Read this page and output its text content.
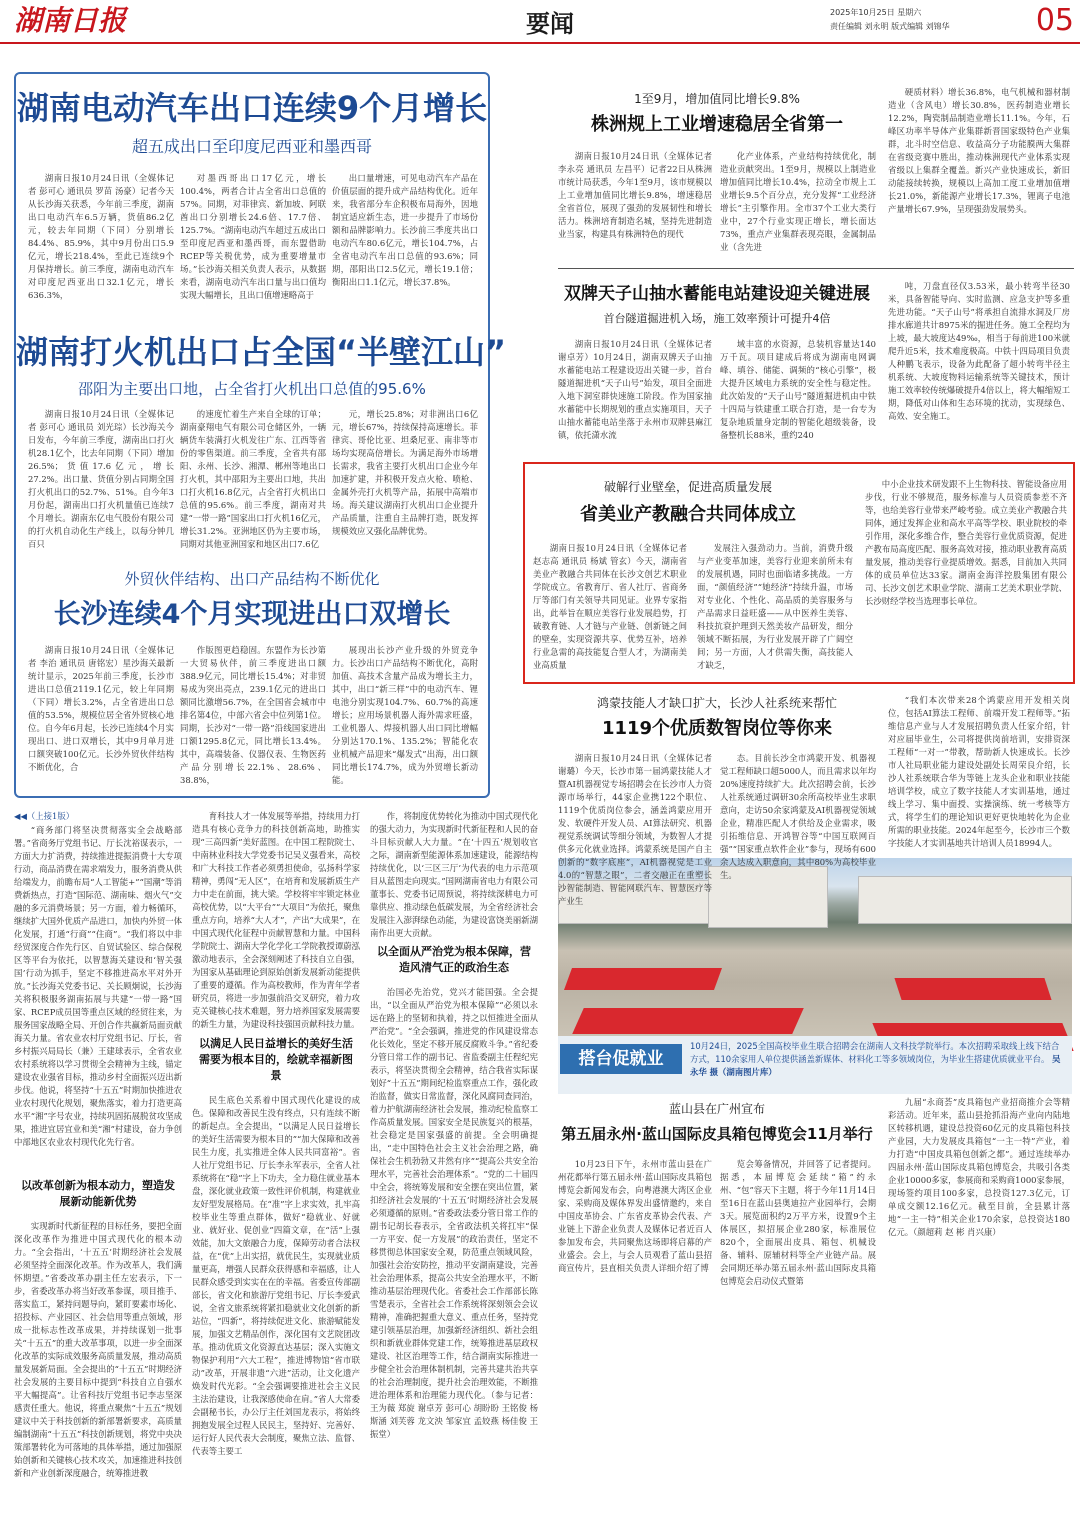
湖南日报	要闻	2025年10月25日 星期六
责任编辑 刘永明 版式编辑 刘锦华	05
湖南电动汽车出口连续9个月增长
超五成出口至印度尼西亚和墨西哥
湖南日报10月24日讯（全媒体记者 彭可心 通讯员 罗苗 汤豪）记者今天从长沙海关获悉，今年前三季度，湖南出口电动汽车6.5万辆，货值86.2亿元，较去年同期（下同）分别增长84.4%、85.9%，其中9月份出口5.9亿元，增长218.4%，至此已连续9个月保持增长。前三季度，湖南电动汽车对印度尼西亚出口32.1亿元，增长636.3%，
对墨西哥出口17亿元，增长100.4%，两者合计占全省出口总值的57%。同期，对菲律宾、新加坡、阿联酋出口分别增长24.6倍、17.7倍、125.7%。“湖南电动汽车超过五成出口至印度尼西亚和墨西哥，而东盟借助RCEP等关税优势，成为重要增量市场。”长沙海关相关负责人表示，从数据来看，湖南电动汽车出口量与出口值均实现大幅增长，且出口值增速略高于
出口量增速，可见电动汽车产品在价值层面的提升成产品结构优化。近年来，我省部分车企积极布局海外，因地制宜适应新生态，进一步提升了市场份额和品牌影响力。长沙前三季度共出口电动汽车80.6亿元，增长104.7%，占全省电动汽车出口总值的93.6%；同期，邵阳出口2.5亿元，增长19.1倍；衡阳出口1.1亿元，增长37.8%。
湖南打火机出口占全国“半壁江山”
邵阳为主要出口地，占全省打火机出口总值的95.6%
湖南日报10月24日讯（全媒体记者 彭可心 通讯员 刘光琮）长沙海关今日发布，今年前三季度，湖南出口打火机28.1亿个，比去年同期（下同）增加26.5%；货值17.6亿元，增长27.2%。出口量、货值分别占同期全国打火机出口的52.7%、51%。自今年3月份起，湖南出口打火机量值已连续7个月增长。湖南东亿电气股份有限公司的打火机自动化生产线上，以每分钟几百只
的速度忙着生产来自全球的订单；湖南豪翔电气有限公司仓储区外，一辆辆货车装满打火机发往广东、江西等省份的零售渠道。前三季度，全省共有邵阳、永州、长沙、湘潭、郴州等地出口打火机，其中邵阳为主要出口地，共出口打火机16.8亿元，占全省打火机出口总值的95.6%。前三季度，湖南对共建“一带一路”国家出口打火机16亿元，增长31.2%。亚洲地区仍为主要市场，同期对其他亚洲国家和地区出口7.6亿
元，增长25.8%；对非洲出口6亿元，增长67%，持续保持高速增长。菲律宾、哥伦比亚、坦桑尼亚、南非等市场均实现高倍增长。为满足海外市场增长需求，我省主要打火机出口企业今年加速扩建，并积极开发点火枪、喷枪、金属外壳打火机等产品，拓展中高端市场。海关建议湖南打火机出口企业提升产品质量，注重自主品牌打造，既发挥规模效应又强化品牌优势。
外贸伙伴结构、出口产品结构不断优化
长沙连续4个月实现进出口双增长
湖南日报10月24日讯（全媒体记者 李治 通讯员 唐铭宏）星沙海关最新统计显示，2025年前三季度，长沙市进出口总值2119.1亿元，较上年同期（下同）增长3.2%，占全省进出口总值的53.5%，规模位居全省外贸核心地位。自今年6月起，长沙已连续4个月实现出口、进口双增长，其中9月单月进口额突破100亿元。长沙外贸伙伴结构不断优化，合
作版图更趋稳固。东盟作为长沙第一大贸易伙伴，前三季度进出口额388.9亿元，同比增长15.4%；对非贸易成为突出亮点，239.1亿元的进出口额同比激增56.7%，在全国省会城市中排名第4位，中部六省会中位列第1位。同期，长沙对“一带一路”沿线国家进出口额1295.8亿元，同比增长13.4%。其中，高端装备、仪器仪表、生物医药产品分别增长22.1%、28.6%、38.8%，
展现出长沙产业升级的外贸竞争力。长沙出口产品结构不断优化，高附加值、高技术含量产品成为增长主力，其中，出口“新三样”中的电动汽车、锂电池分别实现104.7%、60.7%的高速增长；应用场景机器人海外需求旺盛，工业机器人、焊接机器人出口同比增幅分别达170.1%、135.2%；智能化农业机械产品迎来“爆发式”出海，出口额同比增长174.7%，成为外贸增长新动能。
◀◀（上接1版）
“商务部门将坚决贯彻落实全会战略部署。”省商务厅党组书记、厅长沈裕谋表示，一方面大力扩消费，持续推进提振消费十大专项行动，商品消费在需求端发力，服务消费从供给端发力，前瞻布局“人工智能+”“国潮”等消费新热点，打造“国际范、湖南味、烟火气”交融的多元消费场景；另一方面，着力畅循环，继续扩大国外优质产品进口，加快内外贸一体化发展，打通“行商”“住商”。“我们将以中非经贸深度合作先行区、自贸试验区、综合保税区等平台为依托，以智慧海关建设和‘智关强国’行动为抓手，坚定不移推进高水平对外开放。”长沙海关党委书记、关长顾炯说，长沙海关将积极服务湖南拓展与共建“一带一路”国家、RCEP成员国等重点区域的经贸往来，为服务国家战略全局、开创合作共赢新局面贡献海关力量。省农业农村厅党组书记、厅长，省乡村振兴局局长（兼）王建球表示，全省农业农村系统将以学习贯彻全会精神为主线，锚定建设农业强省目标，推动乡村全面振兴迈出新步伐。他说，将坚持“十五五”时期加快推进农业农村现代化规划，聚焦落实，着力打造更高水平“湘”字号农业，持续巩固拓展脱贫攻坚成果，推进宜居宜业和美“湘”村建设，奋力争创中部地区农业农村现代化先行省。
以改革创新为根本动力，塑造发展新动能新优势
实现新时代新征程的目标任务，要把全面深化改革作为推进中国式现代化的根本动力。“全会指出，‘十五五’时期经济社会发展必须坚持全面深化改革。作为改革人，我们满怀期望。”省委改革办副主任左宏表示，下一步，省委改革办将当好改革参谋，项目推手、落实监工，紧持问题导向，紧盯要素市场化、招投标、产业园区、社会信用等重点领域，形成一批标志性改革成果，并持续谋划一批事关“十五五”的重大改革事项，以进一步全面深化改革的实际成效服务高质量发展，推动高质量发展新局面。全会提出的“十五五”时期经济社会发展的主要目标中提到“科技自立自强水平大幅提高”。让省科技厅党组书记李志坚深感责任重大。他说，将重点聚焦“十五五”规划建议中关于科技创新的新部署新要求，高质量编制湖南“十五五”科技创新规划，将党中央决策部署转化为可落地的具体举措，通过加强原始创新和关键核心技术攻关，加速推进科技创新和产业创新深度融合，统筹推进教
育科技人才一体发展等举措，持续用力打造具有核心竞争力的科技创新高地，助推实现“三高四新”美好蓝图。在中国工程院院士、中南林业科技大学党委书记吴义强看来，高校和广大科技工作者必须勇担使命，弘扬科学家精神，勇闯“无人区”，在培育和发展新质生产力中走在前面，挑大梁。学校将牢牢锁定林业高校优势，以“大平台”“大项目”为依托，聚焦重点方向，培养“大人才”，产出“大成果”，在中国式现代化征程中贡献智慧和力量。中国科学院院士、湖南大学化学化工学院教授谭蔚泓激动地表示，全会深刻阐述了科技自立自强，为国家从基础理论到原始创新发展新动能提供了重要的遵循。作为高校教师，作为青年学者研究员，将进一步加强前沿交叉研究，着力攻克关键核心技术难题，努力培养国家发展需要的新生力量，为建设科技强国贡献科技力量。
以满足人民日益增长的美好生活需要为根本目的，绘就幸福新图景
民生底色关系着中国式现代化建设的成色。保障和改善民生没有终点，只有连续不断的新起点。全会提出，“以满足人民日益增长的美好生活需要为根本目的”“加大保障和改善民生力度，扎实推进全体人民共同富裕”。省人社厅党组书记、厅长李永军表示，全省人社系统将在“稳”字上下功夫，全力稳住就业基本盘，深化就业政策一致性评价机制，构建就业友好型发展格局。在“准”字上求实效，扎牢高校毕业生等重点群体，做好“稳就业、好就业、就好业、促创业”四篇文章，在“活”上强效能，加大文旅融合力度，保障劳动者合法权益，在“优”上出实招，就优民生，实现就业质量更高，增强人民群众获得感和幸福感，让人民群众感受到实实在在的幸福。省委宣传部副部长，省文化和旅游厅党组书记、厅长李爱武说，全省文旅系统将紧扣稳就业文化创新的新站位，“四新”，将持续促进文化、旅游赋能发展，加强文艺精品创作，深化国有文艺院团改革。推动优质文化资源直达基层；深入实施文物保护利用“六大工程”，推进博物馆“省市联动”改革，开展非遗“六进”活动，让文化遗产焕发时代光彩。“全会强调要推进社会主义民主法治建设，让我深感使命在肩。”省人大常委会副秘书长，办公厅主任刘国龙表示，将始终拥抱发展全过程人民民主，坚持好、完善好、运行好人民代表大会制度，聚焦立法、监督、代表等主要工
作，将制度优势转化为推动中国式现代化的强大动力，为实现新时代新征程和人民的奋斗目标贡献人大力量。“在‘十四五’规划收官之际，湖南新型能源体系加速建设，能源结构持续优化，以‘三区三厅’为代表的电力示范项目从蓝图走向现实。”国网湖南省电力有限公司董事长、党委书记周预说，将持续深耕电力可靠供应、推动绿色低碳发展，为全省经济社会发展注入澎湃绿色动能，为建设富饶美丽新湖南作出更大贡献。
以全面从严治党为根本保障，营造风清气正的政治生态
治国必先治党，党兴才能国强。全会提出，“以全面从严治党为根本保障”“必须以永远在路上的坚韧和执着，持之以恒推进全面从严治党”。“全会强调，推进党的作风建设常态化长效化，坚定不移开展反腐败斗争。”省纪委分管日常工作的副书记、省监委副主任程纪宪表示，将坚决贯彻全会精神，结合我省实际谋划好“十五五”期间纪检监察重点工作，强化政治监督，做实日常监督，深化风腐同查同治，着力护航湖南经济社会发展，推动纪检监察工作高质量发展。国家安全是民族复兴的根基，社会稳定是国家强盛的前提。全会明确提出，“走中国特色社会主义社会治理之路，确保社会生机勃勃又井然有序”“提高公共安全治理水平，完善社会治理体系”。“党的二十届四中全会，将统筹发展和安全摆在突出位置，紧扣经济社会发展的‘十五五’时期经济社会发展必须遵循的原则。”省委政法委分管日常工作的副书记胡长春表示，全省政法机关将扛牢“保一方平安、促一方发展”的政治责任，坚定不移贯彻总体国家安全观，防范重点领域风险，加强社会治安防控，推动平安湖南建设，完善社会治理体系，提高公共安全治理水平，不断推动基层治理现代化。省委社会工作部部长陈雪楚表示，全省社会工作系统将深刻领会会议精神，准确把握重大意义、重点任务，坚持党建引领基层治理，加强新经济组织、新社会组织和新就业群体党建工作，统筹推进基层政权建设、社区治理等工作，结合湖南实际推进一步健全社会治理体制机制，完善共建共治共享的社会治理制度，提升社会治理效能，不断推进治理体系和治理能力现代化。（参与记者：王为薇 郑旋 谢卓芳 彭可心 胡盼盼 王铭俊 杨斯涵 刘芙蓉 龙文泱 邹家宜 孟姣燕 杨佳俊 王振堂）
1至9月，增加值同比增长9.8%
株洲规上工业增速稳居全省第一
湖南日报10月24日讯（全媒体记者 李永亮 通讯员 左昌平）记者22日从株洲市统计局获悉，今年1至9月，该市规模以上工业增加值同比增长9.8%，增速稳居全省首位，展现了强劲的发展韧性和增长活力。株洲培育制造名城，坚持先进制造业当家，构建具有株洲特色的现代
化产业体系，产业结构持续优化，制造业贡献突出。1至9月，规模以上制造业增加值同比增长10.4%，拉动全市规上工业增长9.5个百分点，充分发挥“工业经济增长”主引擎作用。全市37个工业大类行业中，27个行业实现正增长，增长面达73%，重点产业集群表现亮眼，金属制品业（含先进
硬质材料）增长36.8%，电气机械和器材制造业（含风电）增长30.8%，医药制造业增长12.2%，陶瓷制品制造业增长11.1%。今年，石峰区功率半导体产业集群新晋国家级特色产业集群，北斗时空信息、收益高分子功能膜两大集群在省级竞赛中胜出，推动株洲现代产业体系实现省级以上集群全覆盖。新兴产业快速成长，新旧动能接续转换，规模以上高加工度工业增加值增长21.0%，新能源产业增长17.3%，锂离子电池产量增长67.9%，呈现强劲发展势头。
双牌天子山抽水蓄能电站建设迎关键进展
首台隧道掘进机入场，施工效率预计可提升4倍
湖南日报10月24日讯（全媒体记者 谢卓芳）10月24日，湖南双牌天子山抽水蓄能电站工程建设迈出关键一步，首台隧道掘进机“天子山号”始发，项目全面进入地下洞室群快速施工阶段。作为国家抽水蓄能中长期规划的重点实施项目，天子山抽水蓄能电站坐落于永州市双牌县麻江镇，依托潇水流
域丰富的水资源，总装机容量达140万千瓦。项目建成后将成为湖南电网调峰、填谷、储能、调频的“核心引擎”，极大提升区域电力系统的安全性与稳定性。此次始发的“天子山号”隧道掘进机由中铁十四局与铁建重工联合打造，是一台专为复杂地质量身定制的智能化超级装备，设备整机长88米，重约240
吨，刀盘直径仅3.53米，最小转弯半径30米，具备智能导向、实时监测、应急支护等多重先进功能。“天子山号”将承担自流排水洞及厂房排水廊道共计8975米的掘进任务。施工全程均为上坡，最大坡度达49‰，相当于每前进100米就爬升近5米，技术难度极高。中铁十四局项目负责人种鹏飞表示，设备为此配备了超小转弯半径主机系统、大坡度物料运输系统等关键技术，预计施工效率较传统爆破提升4倍以上，将大幅缩短工期，降低对山体和生态环境的扰动，实现绿色、高效、安全施工。
破解行业壁垒，促进高质量发展
省美业产教融合共同体成立
湖南日报10月24日讯（全媒体记者 赵志高 通讯员 杨斌 管玄）今天，湖南省美业产教融合共同体在长沙文创艺术职业学院成立。省教育厅、省人社厅、省商务厅等部门有关领导共同见证。业界专家指出，此举旨在顺应美容行业发展趋势，打破教育链、人才链与产业链、创新链之间的壁垒，实现资源共享、优势互补，培养行业急需的高技能复合型人才，为湖南美业高质量
发展注入强劲动力。当前，消费升级与产业变革加速，美容行业迎来前所未有的发展机遇，同时也面临诸多挑战。一方面，“颜值经济”“她经济”持续升温，市场对专业化、个性化、高品质的美容服务与产品需求日益旺盛——从中医养生美容、科技抗衰护理到天然美妆产品研发，细分领域不断拓展，为行业发展开辟了广阔空间；另一方面，人才供需失衡，高技能人才缺乏，
中小企业技术研发跟不上生物科技、智能设备应用步伐，行业不够规范，服务标准与人员资质参差不齐等，也给美容行业带来严峻考验。成立美业产教融合共同体，通过发挥企业和高水平高等学校、职业院校的牵引作用，深化多维合作，整合美容行业优质资源，促进产教布局高度匹配、服务高效对接，推动职业教育高质量发展，推动美容行业提质增效。据悉，目前加入共同体的成员单位达33家。湖南金海洋控股集团有限公司、长沙文创艺术职业学院、湖南工艺美术职业学院、长沙财经学校当选理事长单位。
鸿蒙技能人才缺口扩大，长沙人社系统来帮忙
1119个优质数智岗位等你来
搭台促就业
10月24日，2025全国高校毕业生联合招聘会在湖南人文科技学院举行。本次招聘采取线上线下结合方式，110余家用人单位提供涵盖新媒体、材料化工等多领域岗位，为毕业生搭建优质就业平台。 吴永华 摄（湖南图片库）
蓝山县在广州宣布
第五届永州·蓝山国际皮具箱包博览会11月举行
10月23日下午，永州市蓝山县在广州花都举行第五届永州·蓝山国际皮具箱包博览会新闻发布会，向粤港澳大湾区企业家、采购商及媒体界发出盛情邀约，来自中国皮革协会、广东省皮革协会代表、产业链上下游企业负责人及媒体记者近百人参加发布会，共同聚焦这场即将启幕的产业盛会。会上，与会人员观看了蓝山县招商宣传片，县直相关负责人详细介绍了博
览会筹备情况，并回答了记者提问。据悉，本届博览会延续“箱”约永州、“包”容天下主题，将于今年11月14日至16日在蓝山县奥迪拉产业园举行，会期3天。展览面积约2万平方米，设置9个主体展区，拟招展企业280家，标准展位820个，全面展出皮具、箱包、机械设备、辅料、原辅材料等全产业链产品。展会同期还举办第五届永州·蓝山国际皮具箱包博览会启动仪式暨第
九届“永商荟”皮具箱包产业招商推介会等精彩活动。近年来，蓝山县抢抓沿海产业向内陆地区转移机遇，建设总投资60亿元的皮具箱包科技产业园，大力发展皮具箱包“一主一特”产业，着力打造“中国皮具箱包创新之都”。通过连续举办四届永州·蓝山国际皮具箱包博览会，共吸引各类企业10000多家，参展商和采购商1000家参展，现场签约项目100多家，总投资127.3亿元，订单成交额12.16亿元。截至目前，全县累计落地“一主一特”相关企业170余家，总投资达180亿元。（颜超莉 赵 彬 肖兴康）
“我们本次带来28个鸿蒙应用开发相关岗位，包括AI算法工程师、前端开发工程师等。”拓维信息产业与人才发展招聘负责人任家介绍，针对应届毕业生，公司将提供岗前培训，安排资深工程师“一对一”带教，帮助新人快速成长。长沙市人社局职业能力建设处副处长周荣良介绍，长沙人社系统联合华为等链上龙头企业和职业技能培训学校，成立了数字技能人才实训基地，通过线上学习、集中面授、实操演练、统一考核等方式，将学生们的理论知识更好更快地转化为企业所需的职业技能。2024年起至今，长沙市三个数字技能人才实训基地共计培训人员18994人。
湖南日报10月24日讯（全媒体记者 谢璐）今天，长沙市第一届鸿蒙技能人才暨AI机器视觉专场招聘会在长沙市人力资源市场举行，44家企业携122个职位、1119个优质岗位参会，涵盖鸿蒙应用开发、软硬件开发人员、AI算法研究、机器视觉系统调试等细分领域，为数智人才提供多元化就业选择。鸿蒙系统是国产自主创新的“数字底座”，AI机器视觉是工业4.0的“智慧之眼”，二者交融正在重塑长沙智能制造、智能网联汽车、智慧医疗等产业生
态。目前长沙全市鸿蒙开发、机器视觉工程师缺口超5000人，而且需求以年均20%速度持续扩大。此次招聘会前，长沙人社系统通过调研30余所高校毕业生求职意向，走访50余家鸿蒙及AI机器视觉领域企业，精准匹配人才供给及企业需求，吸引拓维信息、开鸿智谷等“中国互联网百强”“国家重点软件企业”参与，现场有600余人达成入职意向，其中80%为高校毕业生。
